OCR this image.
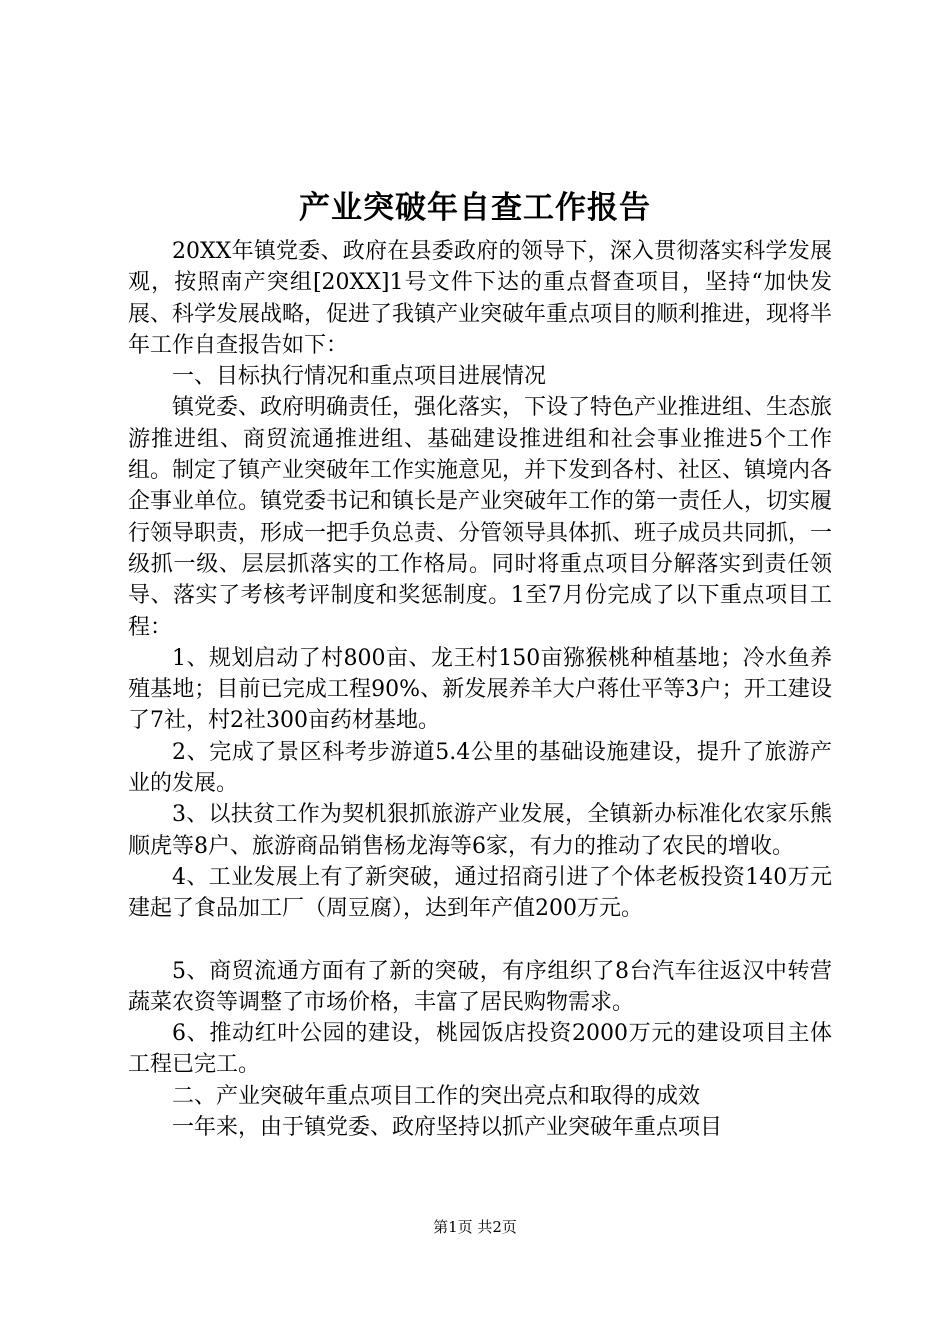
产业突破年自查工作报告

20XX年镇党委、政府在县委政府的领导下，深入贯彻落实科学发展观，按照南产突组[20XX]1号文件下达的重点督查项目，坚持“加快发展、科学发展战略，促进了我镇产业突破年重点项目的顺利推进，现将半年工作自查报告如下：

一、目标执行情况和重点项目进展情况

镇党委、政府明确责任，强化落实，下设了特色产业推进组、生态旅游推进组、商贸流通推进组、基础建设推进组和社会事业推进5个工作组。制定了镇产业突破年工作实施意见，并下发到各村、社区、镇境内各企事业单位。镇党委书记和镇长是产业突破年工作的第一责任人，切实履行领导职责，形成一把手负总责、分管领导具体抓、班子成员共同抓，一级抓一级、层层抓落实的工作格局。同时将重点项目分解落实到责任领导、落实了考核考评制度和奖惩制度。1至7月份完成了以下重点项目工程：

1、规划启动了村800亩、龙王村150亩猕猴桃种植基地；冷水鱼养殖基地；目前已完成工程90%、新发展养羊大户蒋仕平等3户；开工建设了7社，村2社300亩药材基地。

2、完成了景区科考步游道5.4公里的基础设施建设，提升了旅游产业的发展。

3、以扶贫工作为契机狠抓旅游产业发展，全镇新办标准化农家乐熊顺虎等8户、旅游商品销售杨龙海等6家，有力的推动了农民的增收。

4、工业发展上有了新突破，通过招商引进了个体老板投资140万元建起了食品加工厂（周豆腐），达到年产值200万元。

5、商贸流通方面有了新的突破，有序组织了8台汽车往返汉中转营蔬菜农资等调整了市场价格，丰富了居民购物需求。

6、推动红叶公园的建设，桃园饭店投资2000万元的建设项目主体工程已完工。

二、产业突破年重点项目工作的突出亮点和取得的成效

一年来，由于镇党委、政府坚持以抓产业突破年重点项目

第1页 共2页
